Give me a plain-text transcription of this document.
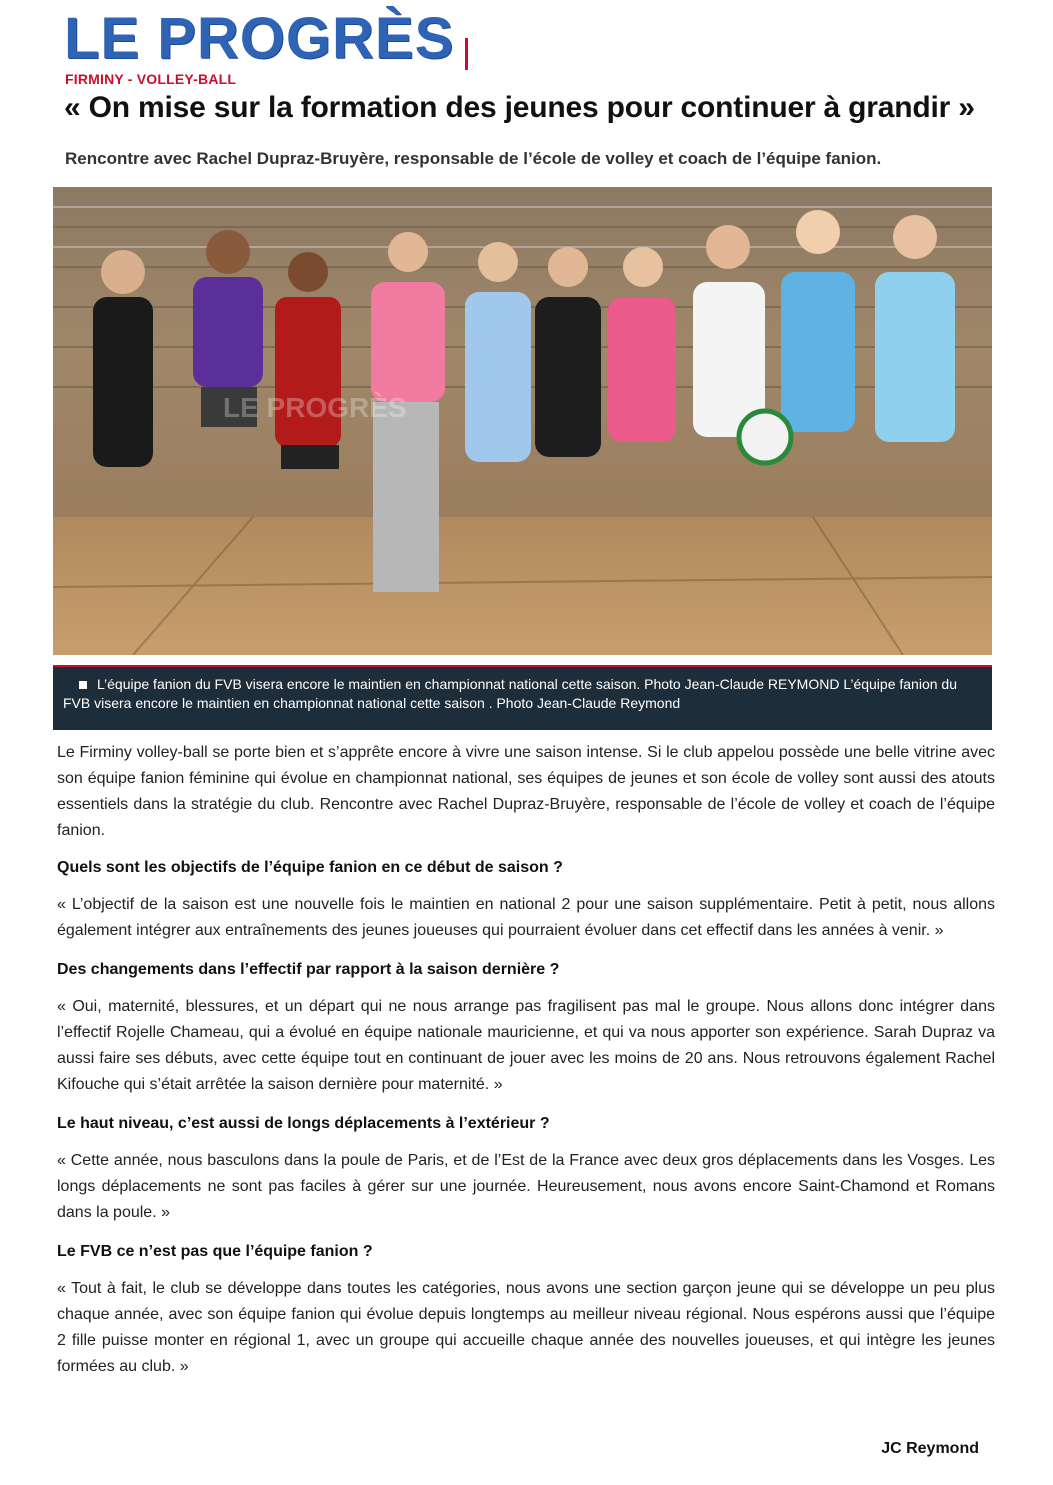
LE PROGRÈS
FIRMINY - VOLLEY-BALL
« On mise sur la formation des jeunes pour continuer à grandir »
Rencontre avec Rachel Dupraz-Bruyère, responsable de l’école de volley et coach de l’équipe fanion.
LE PROGRÈS
L’équipe fanion du FVB visera encore le maintien en championnat national cette saison. Photo Jean-Claude REYMOND L’équipe fanion du FVB visera encore le maintien en championnat national cette saison . Photo Jean-Claude Reymond

Le Firminy volley-ball se porte bien et s’apprête encore à vivre une saison intense. Si le club appelou possède une belle vitrine avec son équipe fanion féminine qui évolue en championnat national, ses équipes de jeunes et son école de volley sont aussi des atouts essentiels dans la stratégie du club. Rencontre avec Rachel Dupraz-Bruyère, responsable de l’école de volley et coach de l’équipe fanion.

Quels sont les objectifs de l’équipe fanion en ce début de saison ?

« L’objectif de la saison est une nouvelle fois le maintien en national 2 pour une saison supplémentaire. Petit à petit, nous allons également intégrer aux entraînements des jeunes joueuses qui pourraient évoluer dans cet effectif dans les années à venir. »

Des changements dans l’effectif par rapport à la saison dernière ?

« Oui, maternité, blessures, et un départ qui ne nous arrange pas fragilisent pas mal le groupe. Nous allons donc intégrer dans l’effectif Rojelle Chameau, qui a évolué en équipe nationale mauricienne, et qui va nous apporter son expérience. Sarah Dupraz va aussi faire ses débuts, avec cette équipe tout en continuant de jouer avec les moins de 20 ans. Nous retrouvons également Rachel Kifouche qui s’était arrêtée la saison dernière pour maternité. »

Le haut niveau, c’est aussi de longs déplacements à l’extérieur ?

« Cette année, nous basculons dans la poule de Paris, et de l’Est de la France avec deux gros déplacements dans les Vosges. Les longs déplacements ne sont pas faciles à gérer sur une journée. Heureusement, nous avons encore Saint-Chamond et Romans dans la poule. »

Le FVB ce n’est pas que l’équipe fanion ?

« Tout à fait, le club se développe dans toutes les catégories, nous avons une section garçon jeune qui se développe un peu plus chaque année, avec son équipe fanion qui évolue depuis longtemps au meilleur niveau régional. Nous espérons aussi que l’équipe 2 fille puisse monter en régional 1, avec un groupe qui accueille chaque année des nouvelles joueuses, et qui intègre les jeunes formées au club. »

JC Reymond
